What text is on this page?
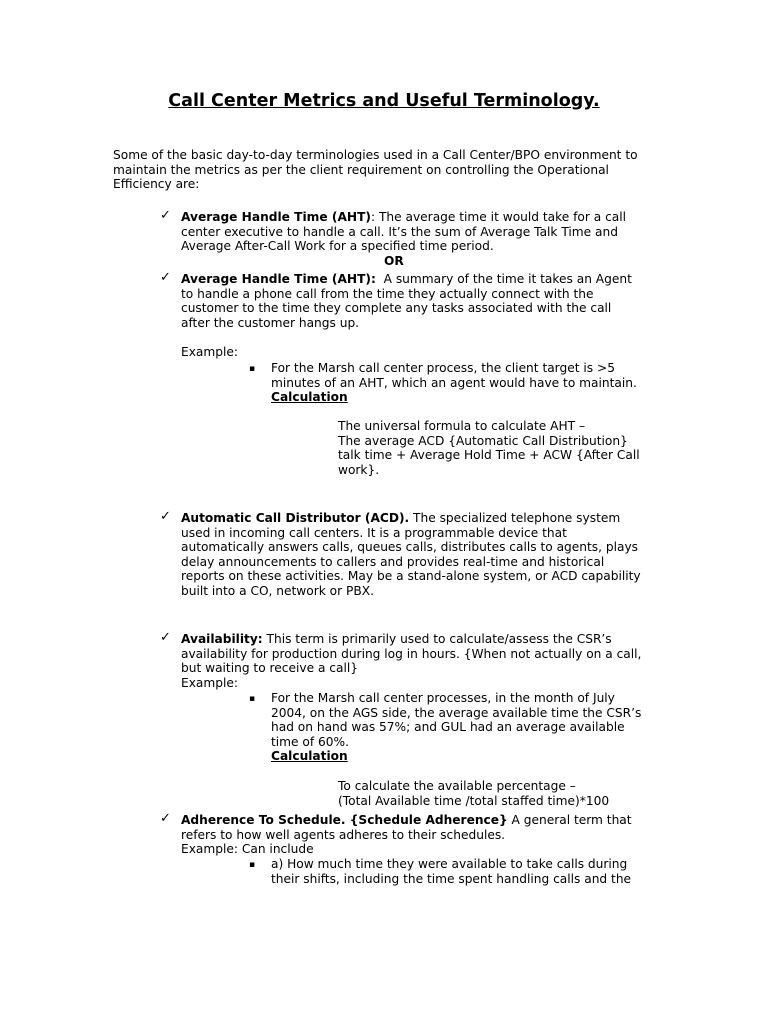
Call Center Metrics and Useful Terminology.
Some of the basic day-to-day terminologies used in a Call Center/BPO environment to
maintain the metrics as per the client requirement on controlling the Operational
Efficiency are:
✓ Average Handle Time (AHT): The average time it would take for a call
center executive to handle a call. It’s the sum of Average Talk Time and
Average After-Call Work for a specified time period.
OR
✓ Average Handle Time (AHT):  A summary of the time it takes an Agent
to handle a phone call from the time they actually connect with the
customer to the time they complete any tasks associated with the call
after the customer hangs up.
Example:
▪ For the Marsh call center process, the client target is >5
minutes of an AHT, which an agent would have to maintain.
Calculation
The universal formula to calculate AHT –
The average ACD {Automatic Call Distribution}
talk time + Average Hold Time + ACW {After Call
work}.
✓ Automatic Call Distributor (ACD). The specialized telephone system
used in incoming call centers. It is a programmable device that
automatically answers calls, queues calls, distributes calls to agents, plays
delay announcements to callers and provides real-time and historical
reports on these activities. May be a stand-alone system, or ACD capability
built into a CO, network or PBX.
✓ Availability: This term is primarily used to calculate/assess the CSR’s
availability for production during log in hours. {When not actually on a call,
but waiting to receive a call}
Example:
▪ For the Marsh call center processes, in the month of July
2004, on the AGS side, the average available time the CSR’s
had on hand was 57%; and GUL had an average available
time of 60%.
Calculation
To calculate the available percentage –
(Total Available time /total staffed time)*100
✓ Adherence To Schedule. {Schedule Adherence} A general term that
refers to how well agents adheres to their schedules.
Example: Can include
▪ a) How much time they were available to take calls during
their shifts, including the time spent handling calls and the
